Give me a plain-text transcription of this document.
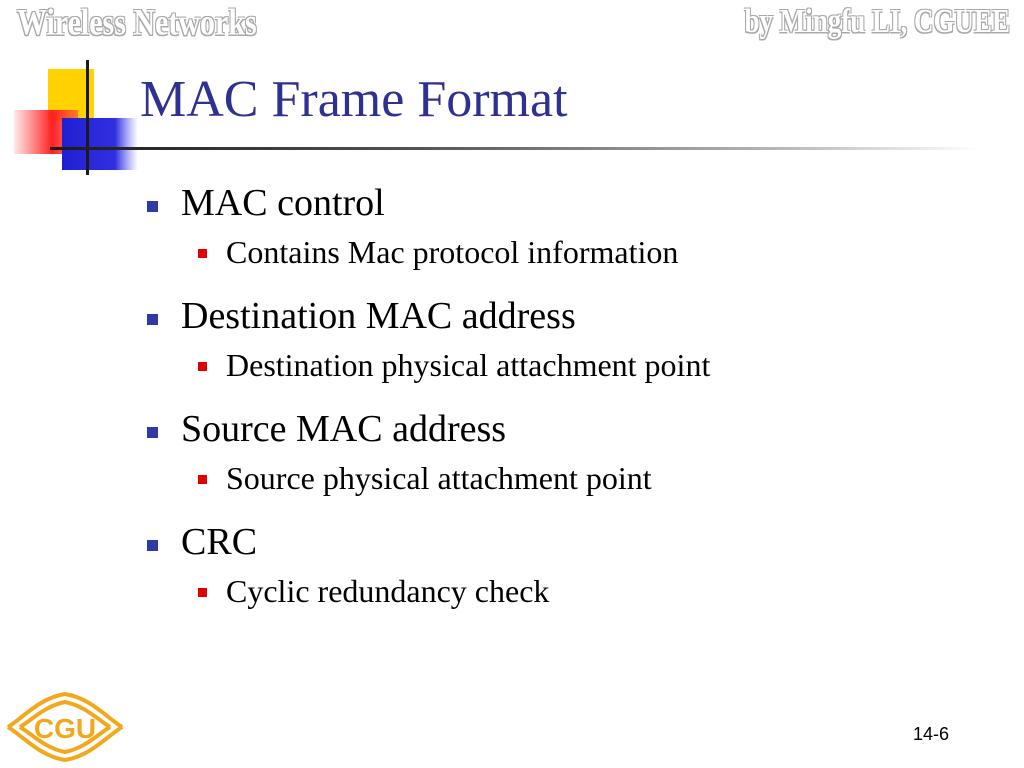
Wireless Networks	by Mingfu LI, CGUEE
MAC Frame Format
MAC control
Contains Mac protocol information
Destination MAC address
Destination physical attachment point
Source MAC address
Source physical attachment point
CRC
Cyclic redundancy check
CGU	14-6
